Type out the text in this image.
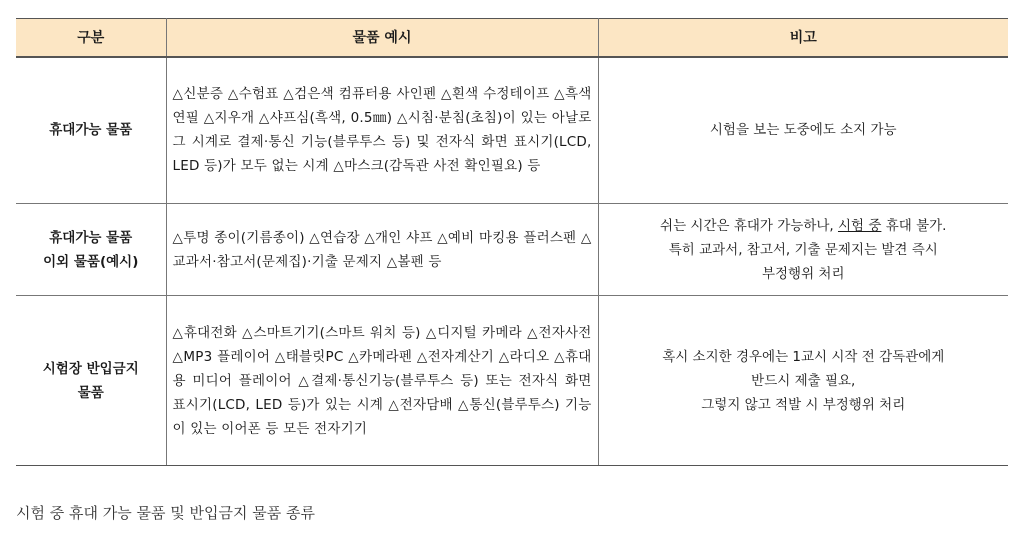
구분	물품 예시	비고
휴대가능 물품	△신분증 △수험표 △검은색 컴퓨터용 사인펜 △흰색 수정테이프 △흑색 연필 △지우개 △샤프심(흑색, 0.5㎜) △시침·분침(초침)이 있는 아날로그 시계로 결제·통신 기능(블루투스 등) 및 전자식 화면 표시기(LCD, LED 등)가 모두 없는 시계 △마스크(감독관 사전 확인필요) 등	시험을 보는 도중에도 소지 가능
휴대가능 물품
이외 물품(예시)	△투명 종이(기름종이) △연습장 △개인 샤프 △예비 마킹용 플러스펜 △교과서·참고서(문제집)·기출 문제지 △볼펜 등	쉬는 시간은 휴대가 가능하나, 시험 중 휴대 불가.
특히 교과서, 참고서, 기출 문제지는 발견 즉시
부정행위 처리
시험장 반입금지
물품	△휴대전화 △스마트기기(스마트 워치 등) △디지털 카메라 △전자사전 △MP3 플레이어 △태블릿PC △카메라펜 △전자계산기 △라디오 △휴대용 미디어 플레이어 △결제·통신기능(블루투스 등) 또는 전자식 화면 표시기(LCD, LED 등)가 있는 시계 △전자담배 △통신(블루투스) 기능이 있는 이어폰 등 모든 전자기기	혹시 소지한 경우에는 1교시 시작 전 감독관에게
반드시 제출 필요,
그렇지 않고 적발 시 부정행위 처리
시험 중 휴대 가능 물품 및 반입금지 물품 종류
